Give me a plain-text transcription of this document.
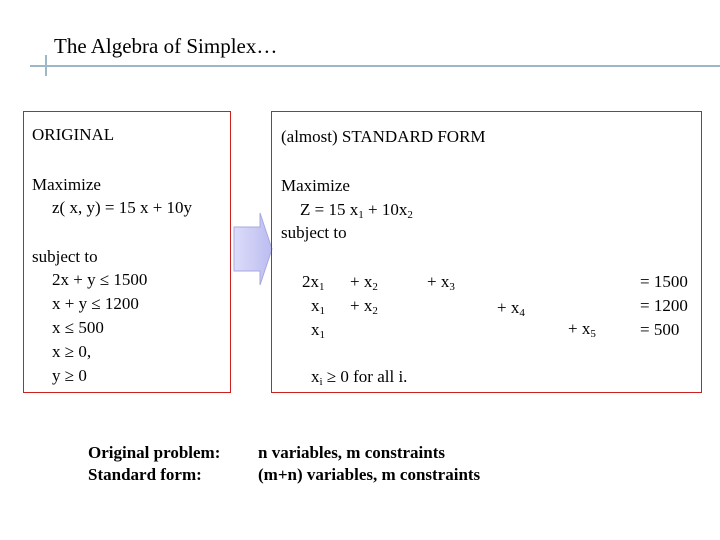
The Algebra of Simplex…
ORIGINAL
Maximize
z( x, y) = 15 x + 10y
subject to
2x + y ≤ 1500
x + y ≤ 1200
x ≤ 500
x ≥ 0,
y ≥ 0
(almost) STANDARD FORM
Maximize
Z = 15 $x_1 + 10x_2$
subject to
$2x_1 + x_2$	+ $x_3$	= 1500
$x_1 + x_2$	+ $x_4$	= 1200
$x_1$	+ $x_5$	= 500
$x_i \ge 0$ for all i.
Original problem: n variables, m constraints
Standard form:	(m+n) variables, m constraints
